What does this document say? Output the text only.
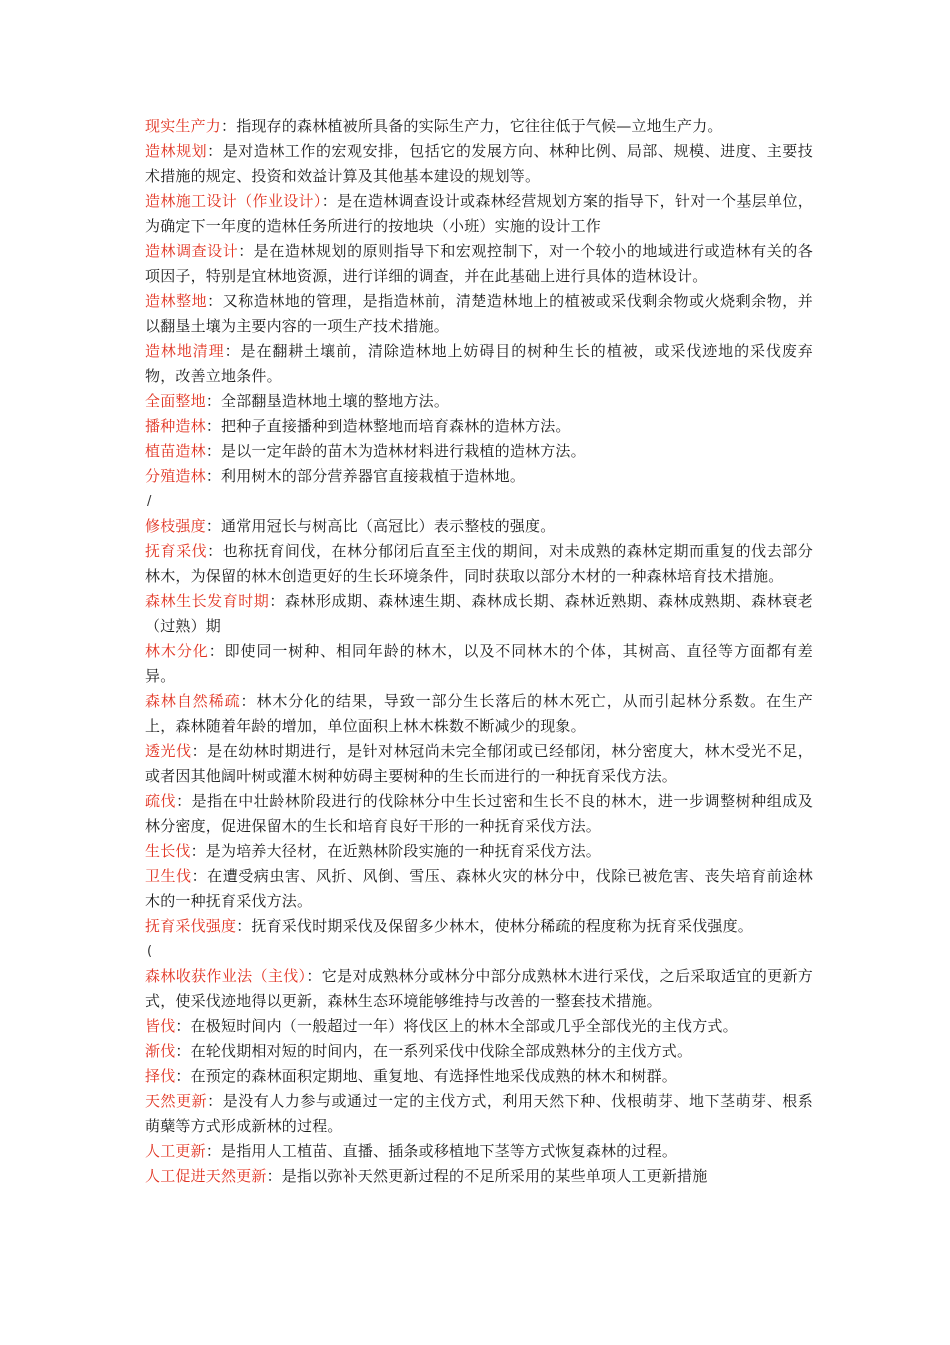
现实生产力：指现存的森林植被所具备的实际生产力，它往往低于气候—立地生产力。

造林规划：是对造林工作的宏观安排，包括它的发展方向、林种比例、局部、规模、进度、主要技术措施的规定、投资和效益计算及其他基本建设的规划等。

造林施工设计（作业设计）：是在造林调查设计或森林经营规划方案的指导下，针对一个基层单位，为确定下一年度的造林任务所进行的按地块（小班）实施的设计工作

造林调查设计：是在造林规划的原则指导下和宏观控制下，对一个较小的地域进行或造林有关的各项因子，特别是宜林地资源，进行详细的调查，并在此基础上进行具体的造林设计。

造林整地：又称造林地的管理，是指造林前，清楚造林地上的植被或采伐剩余物或火烧剩余物，并以翻垦土壤为主要内容的一项生产技术措施。

造林地清理：是在翻耕土壤前，清除造林地上妨碍目的树种生长的植被，或采伐迹地的采伐废弃物，改善立地条件。

全面整地：全部翻垦造林地土壤的整地方法。

播种造林：把种子直接播种到造林整地而培育森林的造林方法。

植苗造林：是以一定年龄的苗木为造林材料进行栽植的造林方法。

分殖造林：利用树木的部分营养器官直接栽植于造林地。

/

修枝强度：通常用冠长与树高比（高冠比）表示整枝的强度。

抚育采伐：也称抚育间伐，在林分郁闭后直至主伐的期间，对未成熟的森林定期而重复的伐去部分林木，为保留的林木创造更好的生长环境条件，同时获取以部分木材的一种森林培育技术措施。

森林生长发育时期：森林形成期、森林速生期、森林成长期、森林近熟期、森林成熟期、森林衰老（过熟）期

林木分化：即使同一树种、相同年龄的林木，以及不同林木的个体，其树高、直径等方面都有差异。

森林自然稀疏：林木分化的结果，导致一部分生长落后的林木死亡，从而引起林分系数。在生产上，森林随着年龄的增加，单位面积上林木株数不断减少的现象。

透光伐：是在幼林时期进行，是针对林冠尚未完全郁闭或已经郁闭，林分密度大，林木受光不足，或者因其他阔叶树或灌木树种妨碍主要树种的生长而进行的一种抚育采伐方法。

疏伐：是指在中壮龄林阶段进行的伐除林分中生长过密和生长不良的林木，进一步调整树种组成及林分密度，促进保留木的生长和培育良好干形的一种抚育采伐方法。

生长伐：是为培养大径材，在近熟林阶段实施的一种抚育采伐方法。

卫生伐：在遭受病虫害、风折、风倒、雪压、森林火灾的林分中，伐除已被危害、丧失培育前途林木的一种抚育采伐方法。

抚育采伐强度：抚育采伐时期采伐及保留多少林木，使林分稀疏的程度称为抚育采伐强度。

(

森林收获作业法（主伐）：它是对成熟林分或林分中部分成熟林木进行采伐，之后采取适宜的更新方式，使采伐迹地得以更新，森林生态环境能够维持与改善的一整套技术措施。

皆伐：在极短时间内（一般超过一年）将伐区上的林木全部或几乎全部伐光的主伐方式。

渐伐：在轮伐期相对短的时间内，在一系列采伐中伐除全部成熟林分的主伐方式。

择伐：在预定的森林面积定期地、重复地、有选择性地采伐成熟的林木和树群。

天然更新：是没有人力参与或通过一定的主伐方式，利用天然下种、伐根萌芽、地下茎萌芽、根系萌蘖等方式形成新林的过程。

人工更新：是指用人工植苗、直播、插条或移植地下茎等方式恢复森林的过程。

人工促进天然更新：是指以弥补天然更新过程的不足所采用的某些单项人工更新措施
